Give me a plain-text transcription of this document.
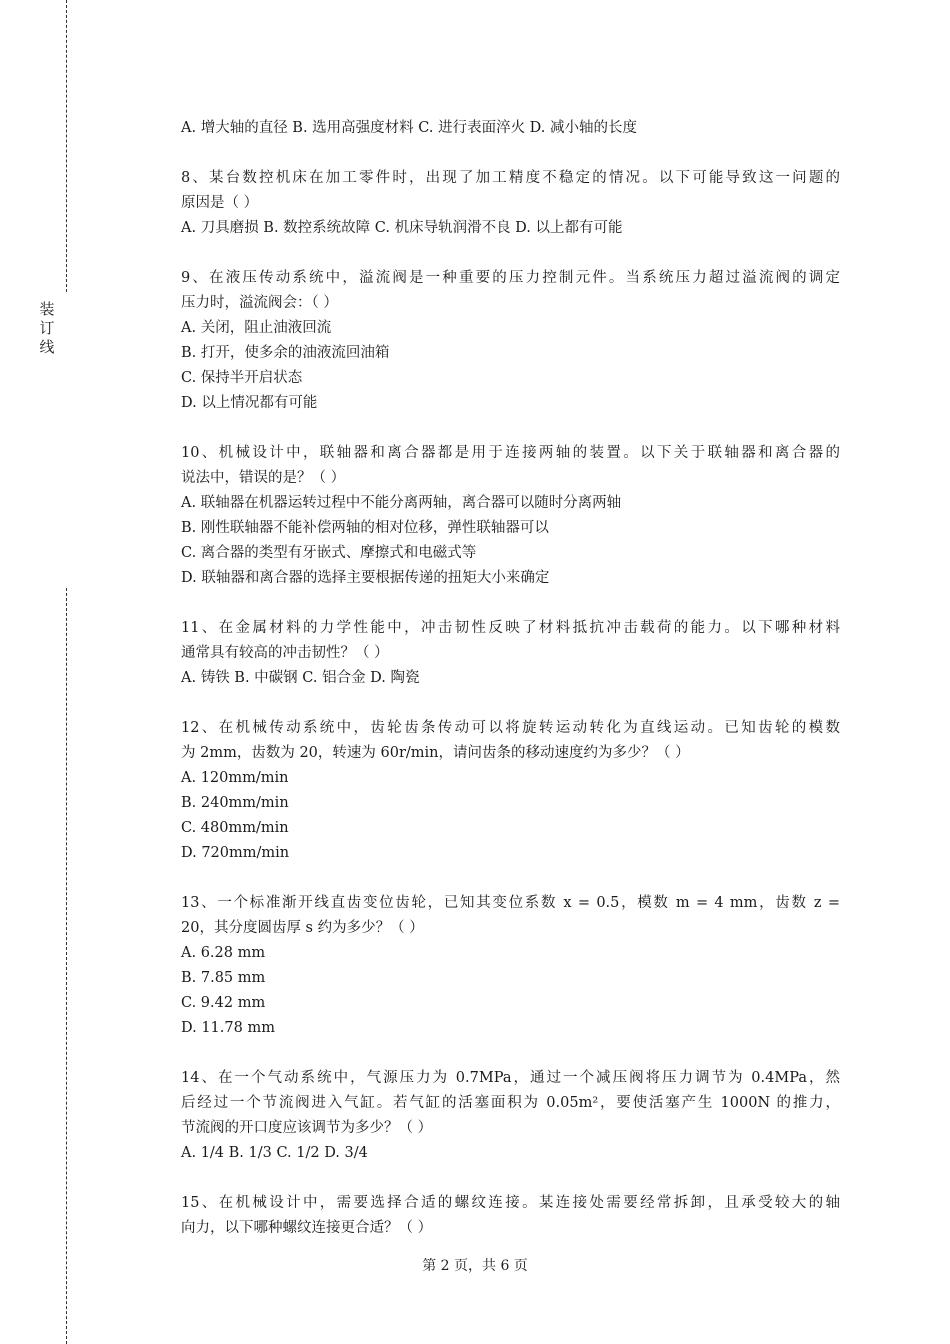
装订线
A. 增大轴的直径 B. 选用高强度材料 C. 进行表面淬火 D. 减小轴的长度
8、某台数控机床在加工零件时，出现了加工精度不稳定的情况。以下可能导致这一问题的
原因是（ ）
A. 刀具磨损 B. 数控系统故障 C. 机床导轨润滑不良 D. 以上都有可能
9、在液压传动系统中，溢流阀是一种重要的压力控制元件。当系统压力超过溢流阀的调定
压力时，溢流阀会：（ ）
A. 关闭，阻止油液回流
B. 打开，使多余的油液流回油箱
C. 保持半开启状态
D. 以上情况都有可能
10、机械设计中，联轴器和离合器都是用于连接两轴的装置。以下关于联轴器和离合器的
说法中，错误的是？（ ）
A. 联轴器在机器运转过程中不能分离两轴，离合器可以随时分离两轴
B. 刚性联轴器不能补偿两轴的相对位移，弹性联轴器可以
C. 离合器的类型有牙嵌式、摩擦式和电磁式等
D. 联轴器和离合器的选择主要根据传递的扭矩大小来确定
11、在金属材料的力学性能中，冲击韧性反映了材料抵抗冲击载荷的能力。以下哪种材料
通常具有较高的冲击韧性？（ ）
A. 铸铁 B. 中碳钢 C. 铝合金 D. 陶瓷
12、在机械传动系统中，齿轮齿条传动可以将旋转运动转化为直线运动。已知齿轮的模数
为 2mm，齿数为 20，转速为 60r/min，请问齿条的移动速度约为多少？（ ）
A. 120mm/min
B. 240mm/min
C. 480mm/min
D. 720mm/min
13、一个标准渐开线直齿变位齿轮，已知其变位系数 x = 0.5，模数 m = 4 mm，齿数 z =
20，其分度圆齿厚 s 约为多少？（ ）
A. 6.28 mm
B. 7.85 mm
C. 9.42 mm
D. 11.78 mm
14、在一个气动系统中，气源压力为 0.7MPa，通过一个减压阀将压力调节为 0.4MPa，然
后经过一个节流阀进入气缸。若气缸的活塞面积为 0.05m²，要使活塞产生 1000N 的推力，
节流阀的开口度应该调节为多少？（ ）
A. 1/4 B. 1/3 C. 1/2 D. 3/4
15、在机械设计中，需要选择合适的螺纹连接。某连接处需要经常拆卸，且承受较大的轴
向力，以下哪种螺纹连接更合适？（ ）
第 2 页，共 6 页
